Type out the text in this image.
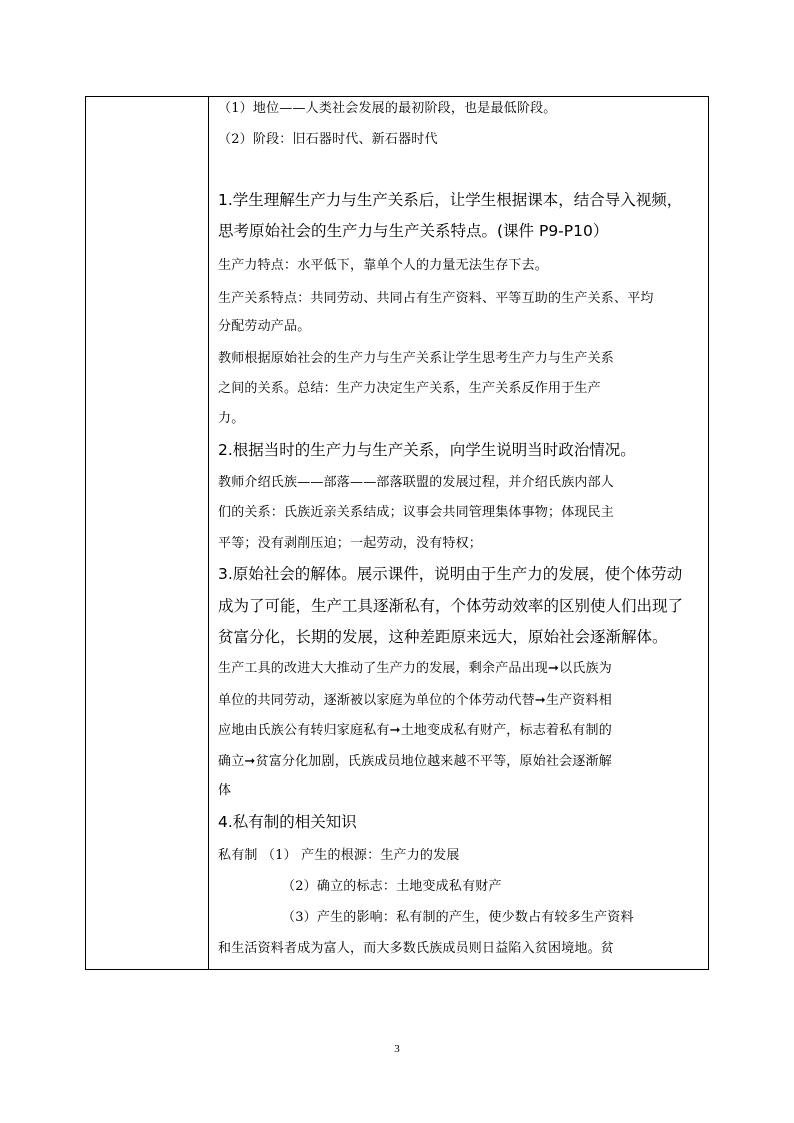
（1）地位——人类社会发展的最初阶段，也是最低阶段。
（2）阶段：旧石器时代、新石器时代
1.学生理解生产力与生产关系后，让学生根据课本，结合导入视频，
思考原始社会的生产力与生产关系特点。(课件 P9-P10）
生产力特点：水平低下，靠单个人的力量无法生存下去。
生产关系特点：共同劳动、共同占有生产资料、平等互助的生产关系、平均
分配劳动产品。
教师根据原始社会的生产力与生产关系让学生思考生产力与生产关系
之间的关系。总结：生产力决定生产关系，生产关系反作用于生产
力。
2.根据当时的生产力与生产关系，向学生说明当时政治情况。
教师介绍氏族——部落——部落联盟的发展过程，并介绍氏族内部人
们的关系：氏族近亲关系结成；议事会共同管理集体事物；体现民主
平等；没有剥削压迫；一起劳动，没有特权；
3.原始社会的解体。展示课件，说明由于生产力的发展，使个体劳动
成为了可能，生产工具逐渐私有，个体劳动效率的区别使人们出现了
贫富分化，长期的发展，这种差距原来远大，原始社会逐渐解体。
生产工具的改进大大推动了生产力的发展，剩余产品出现➞以氏族为
单位的共同劳动，逐渐被以家庭为单位的个体劳动代替➞生产资料相
应地由氏族公有转归家庭私有➞土地变成私有财产，标志着私有制的
确立➞贫富分化加剧，氏族成员地位越来越不平等，原始社会逐渐解
体
4.私有制的相关知识
私有制 （1） 产生的根源：生产力的发展
（2）确立的标志：土地变成私有财产
（3）产生的影响：私有制的产生，使少数占有较多生产资料
和生活资料者成为富人，而大多数氏族成员则日益陷入贫困境地。贫
3
